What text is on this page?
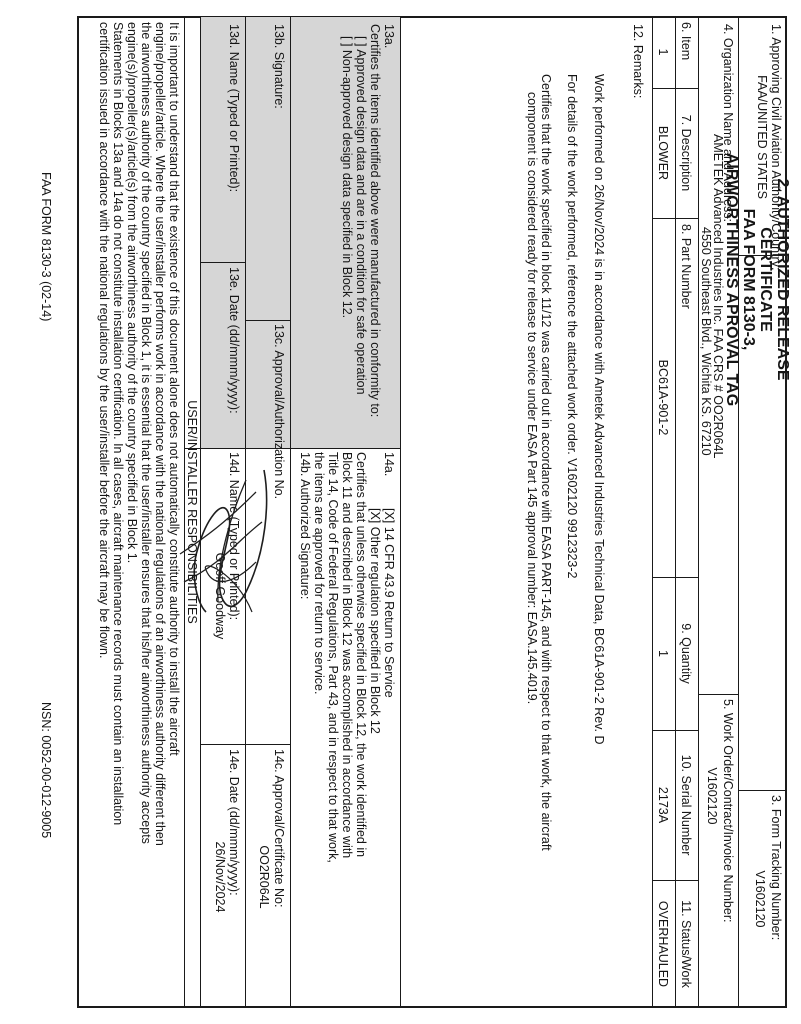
1. Approving Civil Aviation Authority/Country:
FAA/UNITED STATES
2. AUTHORIZED RELEASE
CERTIFICATE
FAA FORM 8130-3,
AIRWORTHINESS APROVAL TAG
3. Form Tracking Number:
V1602120
4. Organization Name and Address:
AMETEK Advanced Industries Inc. FAA CRS # OO2R064L
4550 Southeast Blvd., Wichita KS. 67210
5. Work Order/Contract/Invoice Number:
V1602120
6. Item
7. Description
8. Part Number
9. Quantity
10. Serial Number
11. Status/Work
1
BLOWER
BC61A-901-2
1
2173A
OVERHAULED
12. Remarks:
Work performed on 26/Nov/2024 is in accordance with Ametek Advanced Industries Technical Data, BC61A-901-2 Rev. D
For details of the work performed, reference the attached work order. V1602120 9912323-2
Certifies that the work specified in block 11/12 was carried out in accordance with EASA PART-145, and with respect to that work, the aircraft
component is considered ready for release to service under EASA Part 145 approval number: EASA.145.4019.
13a.
Certifies the items identified above were manufactured in conformity to:
[ ] Approved design data and are in a condition for safe operation
[ ] Non-approved design data specified in Block 12.
13b. Signature:
13c. Approval/Authorization No.
13d. Name (Typed or Printed):
13e. Date (dd/mmm/yyyy):
14a.
[X] 14 CFR 43.9 Return to Service
[X] Other regulation specified in Block 12
Certifies that unless otherwise specified in Block 12, the work identified in
Block 11 and described in Block 12 was accomplished in accordance with
Title 14, Code of Federal Regulations, Part 43, and in respect to that work,
the items are approved for return to service.
14b. Authorized Signature:
14c. Approval/Certificate No:
OO2R064L
14d. Name (Typed or Printed):
Geoff Goodway
14e. Date (dd/mmm/yyyy):
26/Nov/2024
USER/INSTALLER RESPONSIBILITIES
It is important to understand that the existence of this document alone does not automatically constitute authority to install the aircraft
engine/propeller/article. Where the user/installer performs work in accordance with the national regulations of an airworthiness authority different then
the airworthiness authority of the country specified in Block 1, it is essential that the user/installer ensures that his/her airworthiness authority accepts
engine(s)/propeller(s)/article(s) from the airworthiness authority of the country specified in Block 1.
Statements in Blocks 13a and 14a do not constitute installation certification. In all cases, aircraft maintenance records must contain an installation
certification issued in accordance with the national regulations by the user/installer before the aircraft may be flown.
FAA FORM 8130-3 (02-14)
NSN: 0052-00-012-9005
